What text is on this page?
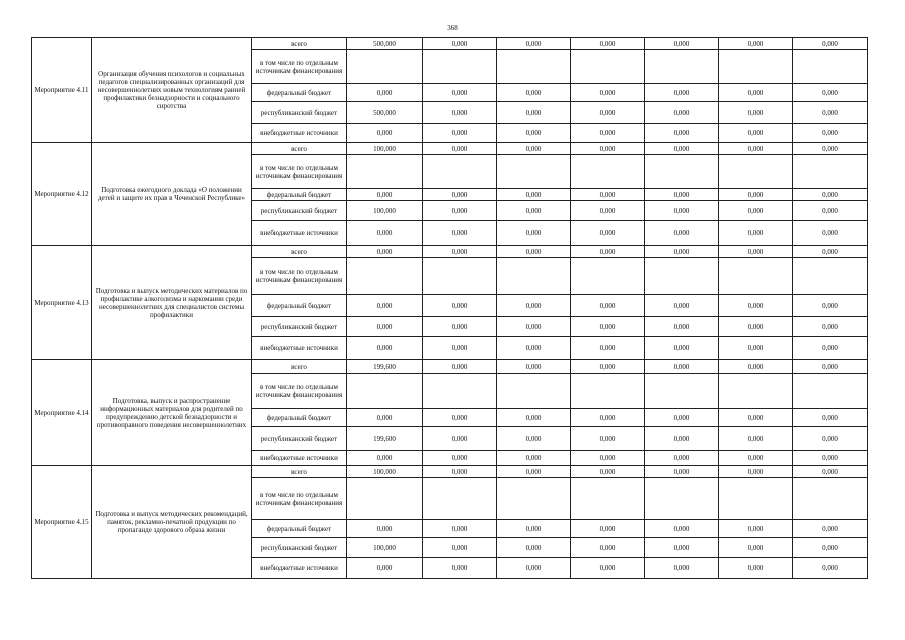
368
Мероприятие 4.11	Организация обучения психологов и социальных педагогов специализированных организаций для несовершеннолетних новым технологиям ранней профилактики безнадзорности и социального сиротства	всего	500,000	0,000	0,000	0,000	0,000	0,000	0,000
		в том числе по отдельным источникам финансирования							
		федеральный бюджет	0,000	0,000	0,000	0,000	0,000	0,000	0,000
		республиканский бюджет	500,000	0,000	0,000	0,000	0,000	0,000	0,000
		внебюджетные источники	0,000	0,000	0,000	0,000	0,000	0,000	0,000

Мероприятие 4.12	Подготовка ежегодного доклада «О положении детей и защите их прав в Чеченской Республике»	всего	100,000	0,000	0,000	0,000	0,000	0,000	0,000
		в том числе по отдельным источникам финансирования							
		федеральный бюджет	0,000	0,000	0,000	0,000	0,000	0,000	0,000
		республиканский бюджет	100,000	0,000	0,000	0,000	0,000	0,000	0,000
		внебюджетные источники	0,000	0,000	0,000	0,000	0,000	0,000	0,000

Мероприятие 4.13	Подготовка и выпуск методических материалов по профилактике алкоголизма и наркомании среди несовершеннолетних для специалистов системы профилактики	всего	0,000	0,000	0,000	0,000	0,000	0,000	0,000
		в том числе по отдельным источникам финансирования							
		федеральный бюджет	0,000	0,000	0,000	0,000	0,000	0,000	0,000
		республиканский бюджет	0,000	0,000	0,000	0,000	0,000	0,000	0,000
		внебюджетные источники	0,000	0,000	0,000	0,000	0,000	0,000	0,000

Мероприятие 4.14	Подготовка, выпуск и распространение информационных материалов для родителей по предупреждению детской безнадзорности и противоправного поведения несовершеннолетних	всего	199,600	0,000	0,000	0,000	0,000	0,000	0,000
		в том числе по отдельным источникам финансирования							
		федеральный бюджет	0,000	0,000	0,000	0,000	0,000	0,000	0,000
		республиканский бюджет	199,600	0,000	0,000	0,000	0,000	0,000	0,000
		внебюджетные источники	0,000	0,000	0,000	0,000	0,000	0,000	0,000

Мероприятие 4.15	Подготовка и выпуск методических рекомендаций, памяток, рекламно-печатной продукции по пропаганде здорового образа жизни	всего	100,000	0,000	0,000	0,000	0,000	0,000	0,000
		в том числе по отдельным источникам финансирования							
		федеральный бюджет	0,000	0,000	0,000	0,000	0,000	0,000	0,000
		республиканский бюджет	100,000	0,000	0,000	0,000	0,000	0,000	0,000
		внебюджетные источники	0,000	0,000	0,000	0,000	0,000	0,000	0,000
